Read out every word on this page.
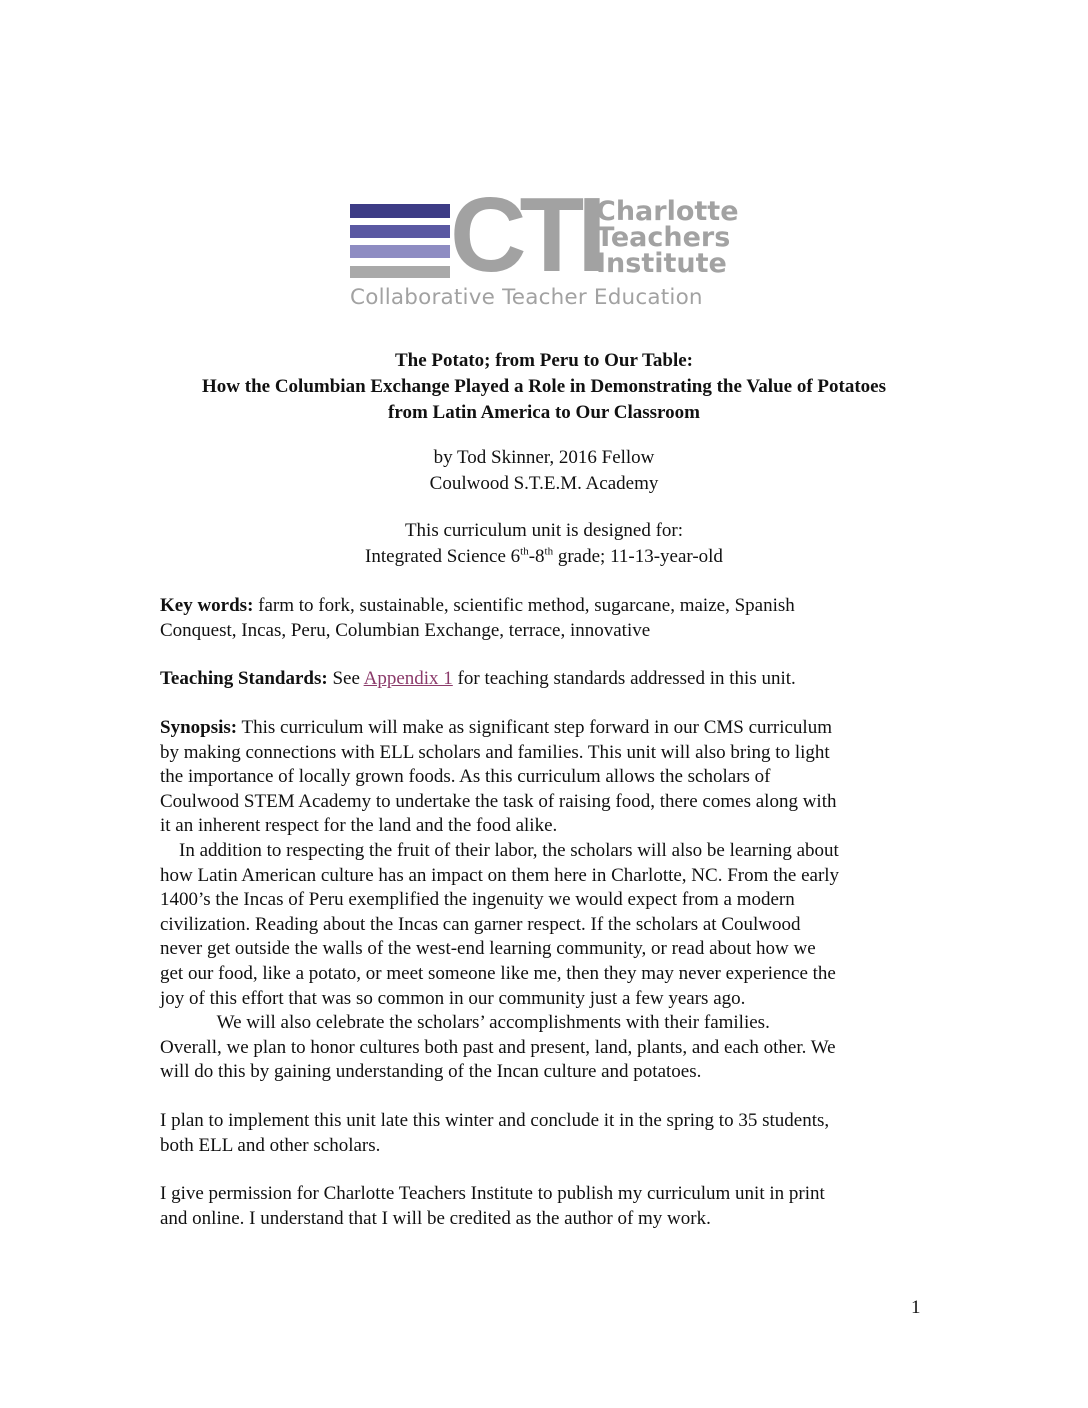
CTI
Charlotte
Teachers
Institute
Collaborative Teacher Education
The Potato; from Peru to Our Table:
How the Columbian Exchange Played a Role in Demonstrating the Value of Potatoes
from Latin America to Our Classroom
by Tod Skinner, 2016 Fellow
Coulwood S.T.E.M. Academy
This curriculum unit is designed for:
Integrated Science 6th-8th grade; 11-13-year-old
Key words: farm to fork, sustainable, scientific method, sugarcane, maize, Spanish
Conquest, Incas, Peru, Columbian Exchange, terrace, innovative
Teaching Standards: See Appendix 1 for teaching standards addressed in this unit.
Synopsis: This curriculum will make as significant step forward in our CMS curriculum
by making connections with ELL scholars and families. This unit will also bring to light
the importance of locally grown foods. As this curriculum allows the scholars of
Coulwood STEM Academy to undertake the task of raising food, there comes along with
it an inherent respect for the land and the food alike.
In addition to respecting the fruit of their labor, the scholars will also be learning about
how Latin American culture has an impact on them here in Charlotte, NC. From the early
1400’s the Incas of Peru exemplified the ingenuity we would expect from a modern
civilization. Reading about the Incas can garner respect. If the scholars at Coulwood
never get outside the walls of the west-end learning community, or read about how we
get our food, like a potato, or meet someone like me, then they may never experience the
joy of this effort that was so common in our community just a few years ago.
We will also celebrate the scholars’ accomplishments with their families.
Overall, we plan to honor cultures both past and present, land, plants, and each other. We
will do this by gaining understanding of the Incan culture and potatoes.
I plan to implement this unit late this winter and conclude it in the spring to 35 students,
both ELL and other scholars.
I give permission for Charlotte Teachers Institute to publish my curriculum unit in print
and online. I understand that I will be credited as the author of my work.
1
